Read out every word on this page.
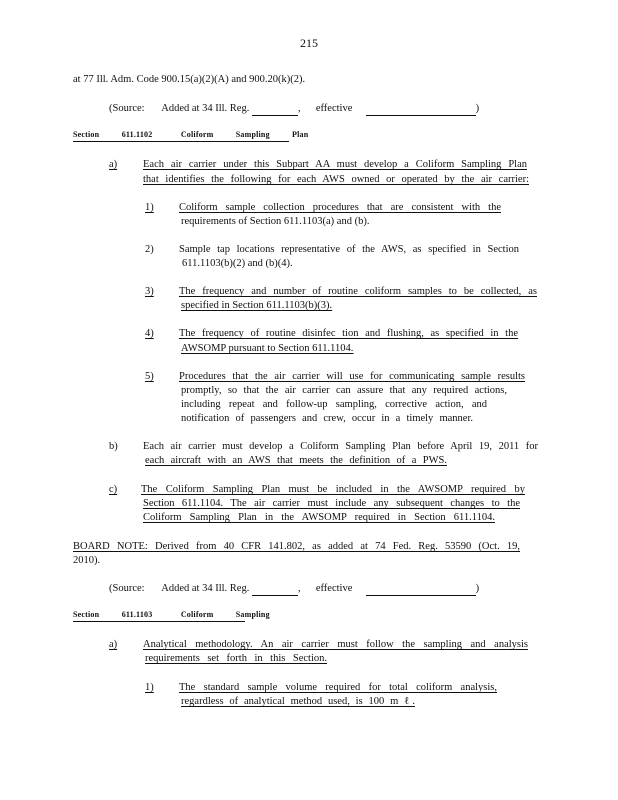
215
at 77 Ill. Adm. Code 900.15(a)(2)(A) and 900.20(k)(2).
(Source: Added at 34 Ill. Reg.	, effective	)
Section	611.1102	Coliform Sampling Plan
a) Each air carrier under this Subpart AA must develop a Coliform Sampling Plan
that identifies the following for each AWS owned or operated by the air carrier:
1) Coliform sample collection procedures that are consistent with the
requirements of Section 611.1103(a) and (b).
2) Sample tap locations representative of the AWS, as specified in Section
611.1103(b)(2) and (b)(4).
3) The frequency and number of routine coliform samples to be collected, as
specified in Section 611.1103(b)(3).
4) The frequency of routine disinfec tion and flushing, as specified in the
AWSOMP pursuant to Section 611.1104.
5) Procedures that the air carrier will use for communicating sample results
promptly, so that the air carrier can assure that any required actions,
including repeat and follow-up sampling, corrective action, and
notification of passengers and crew, occur in a timely manner.
b) Each air carrier must develop a Coliform Sampling Plan before April 19, 2011 for
each aircraft with an AWS that meets the definition of a PWS.
c) The Coliform Sampling Plan must be included in the AWSOMP required by
Section 611.1104. The air carrier must include any subsequent changes to the
Coliform Sampling Plan in the AWSOMP required in Section 611.1104.
BOARD NOTE: Derived from 40 CFR 141.802, as added at 74 Fed. Reg. 53590 (Oct. 19,
2010).
(Source: Added at 34 Ill. Reg.	, effective	)
Section	611.1103	Coliform Sampling
a) Analytical methodology. An air carrier must follow the sampling and analysis
requirements set forth in this Section.
1) The standard sample volume required for total coliform analysis,
regardless of analytical method used, is 100 m ℓ.
